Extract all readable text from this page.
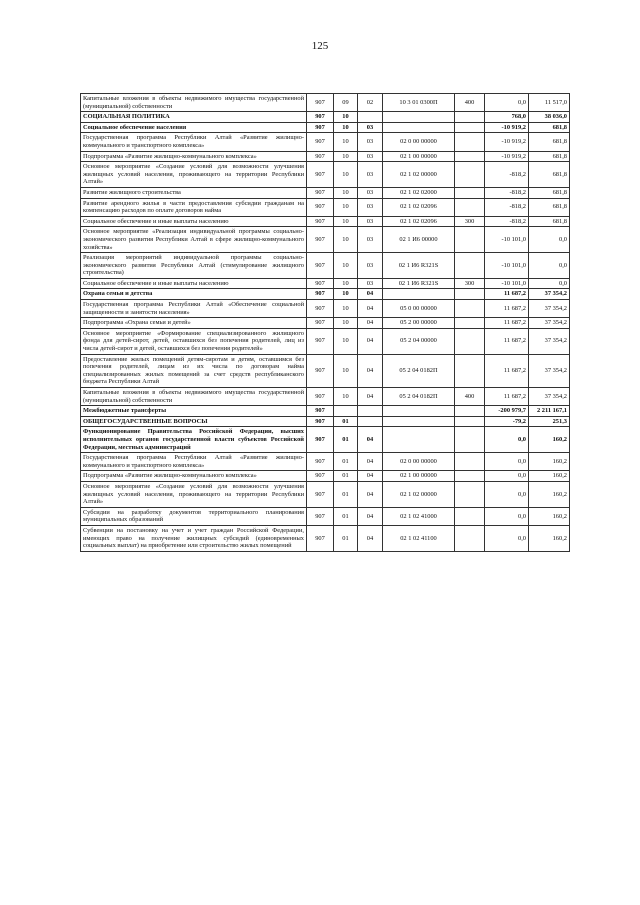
125
Капитальные вложения в объекты недвижимого имущества государственной (муниципальной) собственности	907	09	02	10 3 01 0300П	400	0,0	11 517,0
СОЦИАЛЬНАЯ ПОЛИТИКА	907	10				768,0	38 036,0
Социальное обеспечение населения	907	10	03			-10 919,2	681,8
Государственная программа Республики Алтай «Развитие жилищно-коммунального и транспортного комплекса»	907	10	03	02 0 00 00000		-10 919,2	681,8
Подпрограмма «Развитие жилищно-коммунального комплекса»	907	10	03	02 1 00 00000		-10 919,2	681,8
Основное мероприятие «Создание условий для возможности улучшения жилищных условий населения, проживающего на территории Республики Алтай»	907	10	03	02 1 02 00000		-818,2	681,8
Развитие жилищного строительства	907	10	03	02 1 02 02000		-818,2	681,8
Развитие арендного жилья в части предоставления субсидии гражданам на компенсацию расходов по оплате договоров найма	907	10	03	02 1 02 02096		-818,2	681,8
Социальное обеспечение и иные выплаты населению	907	10	03	02 1 02 02096	300	-818,2	681,8
Основное мероприятие «Реализация индивидуальной программы социально-экономического развития Республики Алтай в сфере жилищно-коммунального хозяйства»	907	10	03	02 1 И6 00000		-10 101,0	0,0
Реализация мероприятий индивидуальной программы социально-экономического развития Республики Алтай (стимулирование жилищного строительства)	907	10	03	02 1 И6 R321S		-10 101,0	0,0
Социальное обеспечение и иные выплаты населению	907	10	03	02 1 И6 R321S	300	-10 101,0	0,0
Охрана семьи и детства	907	10	04			11 687,2	37 354,2
Государственная программа Республики Алтай «Обеспечение социальной защищенности и занятости населения»	907	10	04	05 0 00 00000		11 687,2	37 354,2
Подпрограмма «Охрана семьи и детей»	907	10	04	05 2 00 00000		11 687,2	37 354,2
Основное мероприятие «Формирование специализированного жилищного фонда для детей-сирот, детей, оставшихся без попечения родителей, лиц из числа детей-сирот и детей, оставшихся без попечения родителей»	907	10	04	05 2 04 00000		11 687,2	37 354,2
Предоставление жилых помещений детям-сиротам и детям, оставшимся без попечения родителей, лицам из их числа по договорам найма специализированных жилых помещений за счет средств республиканского бюджета Республики Алтай	907	10	04	05 2 04 0182П		11 687,2	37 354,2
Капитальные вложения в объекты недвижимого имущества государственной (муниципальной) собственности	907	10	04	05 2 04 0182П	400	11 687,2	37 354,2
Межбюджетные трансферты	907					-200 979,7	2 211 167,1
ОБЩЕГОСУДАРСТВЕННЫЕ ВОПРОСЫ	907	01				-79,2	251,3
Функционирование Правительства Российской Федерации, высших исполнительных органов государственной власти субъектов Российской Федерации, местных администраций	907	01	04			0,0	160,2
Государственная программа Республики Алтай «Развитие жилищно-коммунального и транспортного комплекса»	907	01	04	02 0 00 00000		0,0	160,2
Подпрограмма «Развитие жилищно-коммунального комплекса»	907	01	04	02 1 00 00000		0,0	160,2
Основное мероприятие «Создание условий для возможности улучшения жилищных условий населения, проживающего на территории Республики Алтай»	907	01	04	02 1 02 00000		0,0	160,2
Субсидии на разработку документов территориального планирования муниципальных образований	907	01	04	02 1 02 41000		0,0	160,2
Субвенции на постановку на учет и учет граждан Российской Федерации, имеющих право на получение жилищных субсидий (единовременных социальных выплат) на приобретение или строительство жилых помещений	907	01	04	02 1 02 41100		0,0	160,2
